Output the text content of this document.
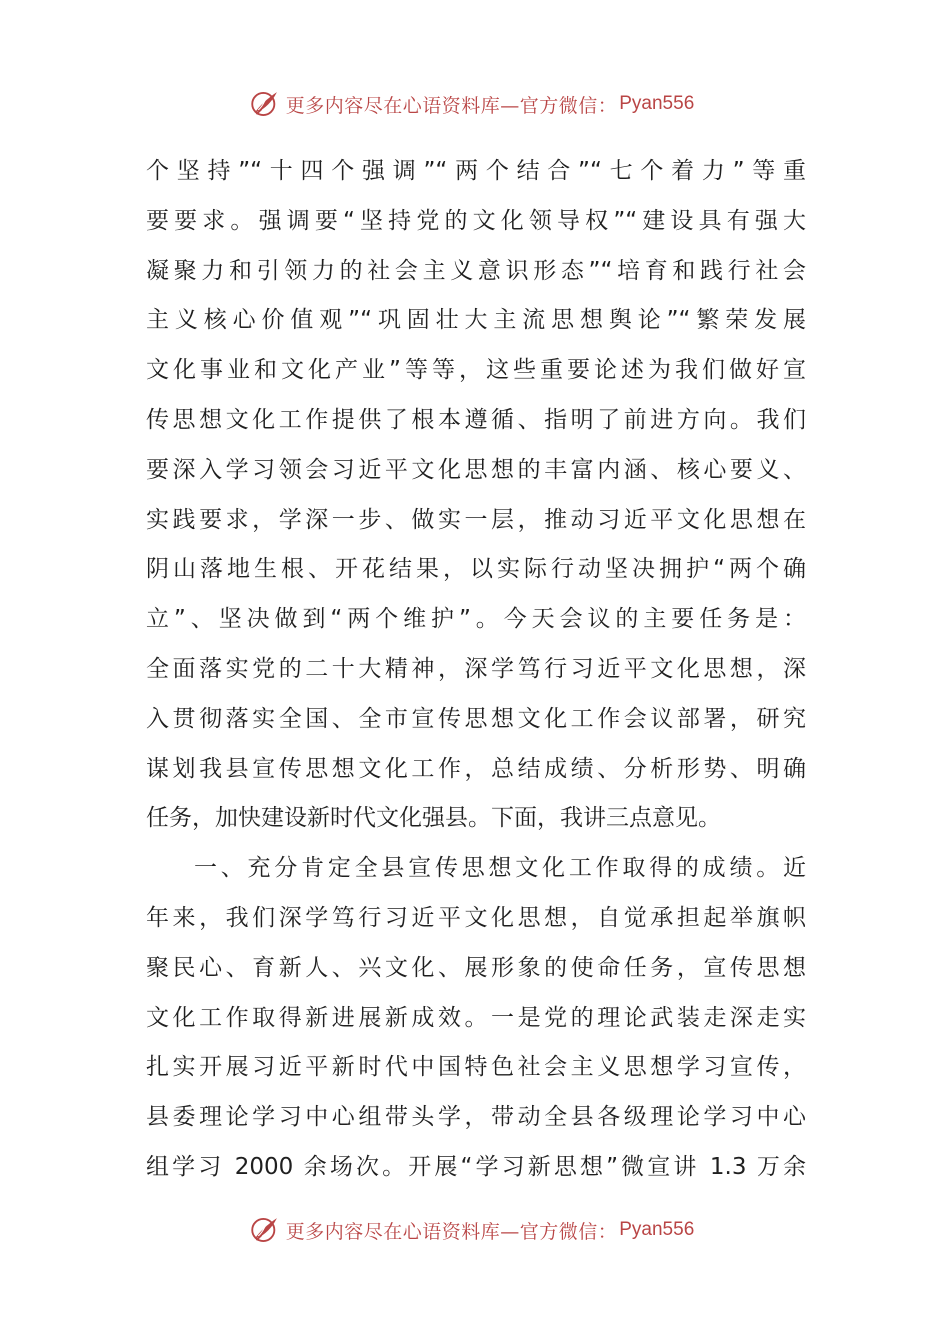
更多内容尽在心语资料库—官方微信： Pyan556
个坚持”“十四个强调”“两个结合”“七个着力”等重
要要求。强调要“坚持党的文化领导权”“建设具有强大
凝聚力和引领力的社会主义意识形态”“培育和践行社会
主义核心价值观”“巩固壮大主流思想舆论”“繁荣发展
文化事业和文化产业”等等，这些重要论述为我们做好宣
传思想文化工作提供了根本遵循、指明了前进方向。我们
要深入学习领会习近平文化思想的丰富内涵、核心要义、
实践要求，学深一步、做实一层，推动习近平文化思想在
阴山落地生根、开花结果，以实际行动坚决拥护“两个确
立”、坚决做到“两个维护”。今天会议的主要任务是：
全面落实党的二十大精神，深学笃行习近平文化思想，深
入贯彻落实全国、全市宣传思想文化工作会议部署，研究
谋划我县宣传思想文化工作，总结成绩、分析形势、明确
任务，加快建设新时代文化强县。下面，我讲三点意见。
一、充分肯定全县宣传思想文化工作取得的成绩。近
年来，我们深学笃行习近平文化思想，自觉承担起举旗帜
聚民心、育新人、兴文化、展形象的使命任务，宣传思想
文化工作取得新进展新成效。一是党的理论武装走深走实
扎实开展习近平新时代中国特色社会主义思想学习宣传，
县委理论学习中心组带头学，带动全县各级理论学习中心
组学习 2000 余场次。开展“学习新思想”微宣讲 1.3 万余
更多内容尽在心语资料库—官方微信： Pyan556
